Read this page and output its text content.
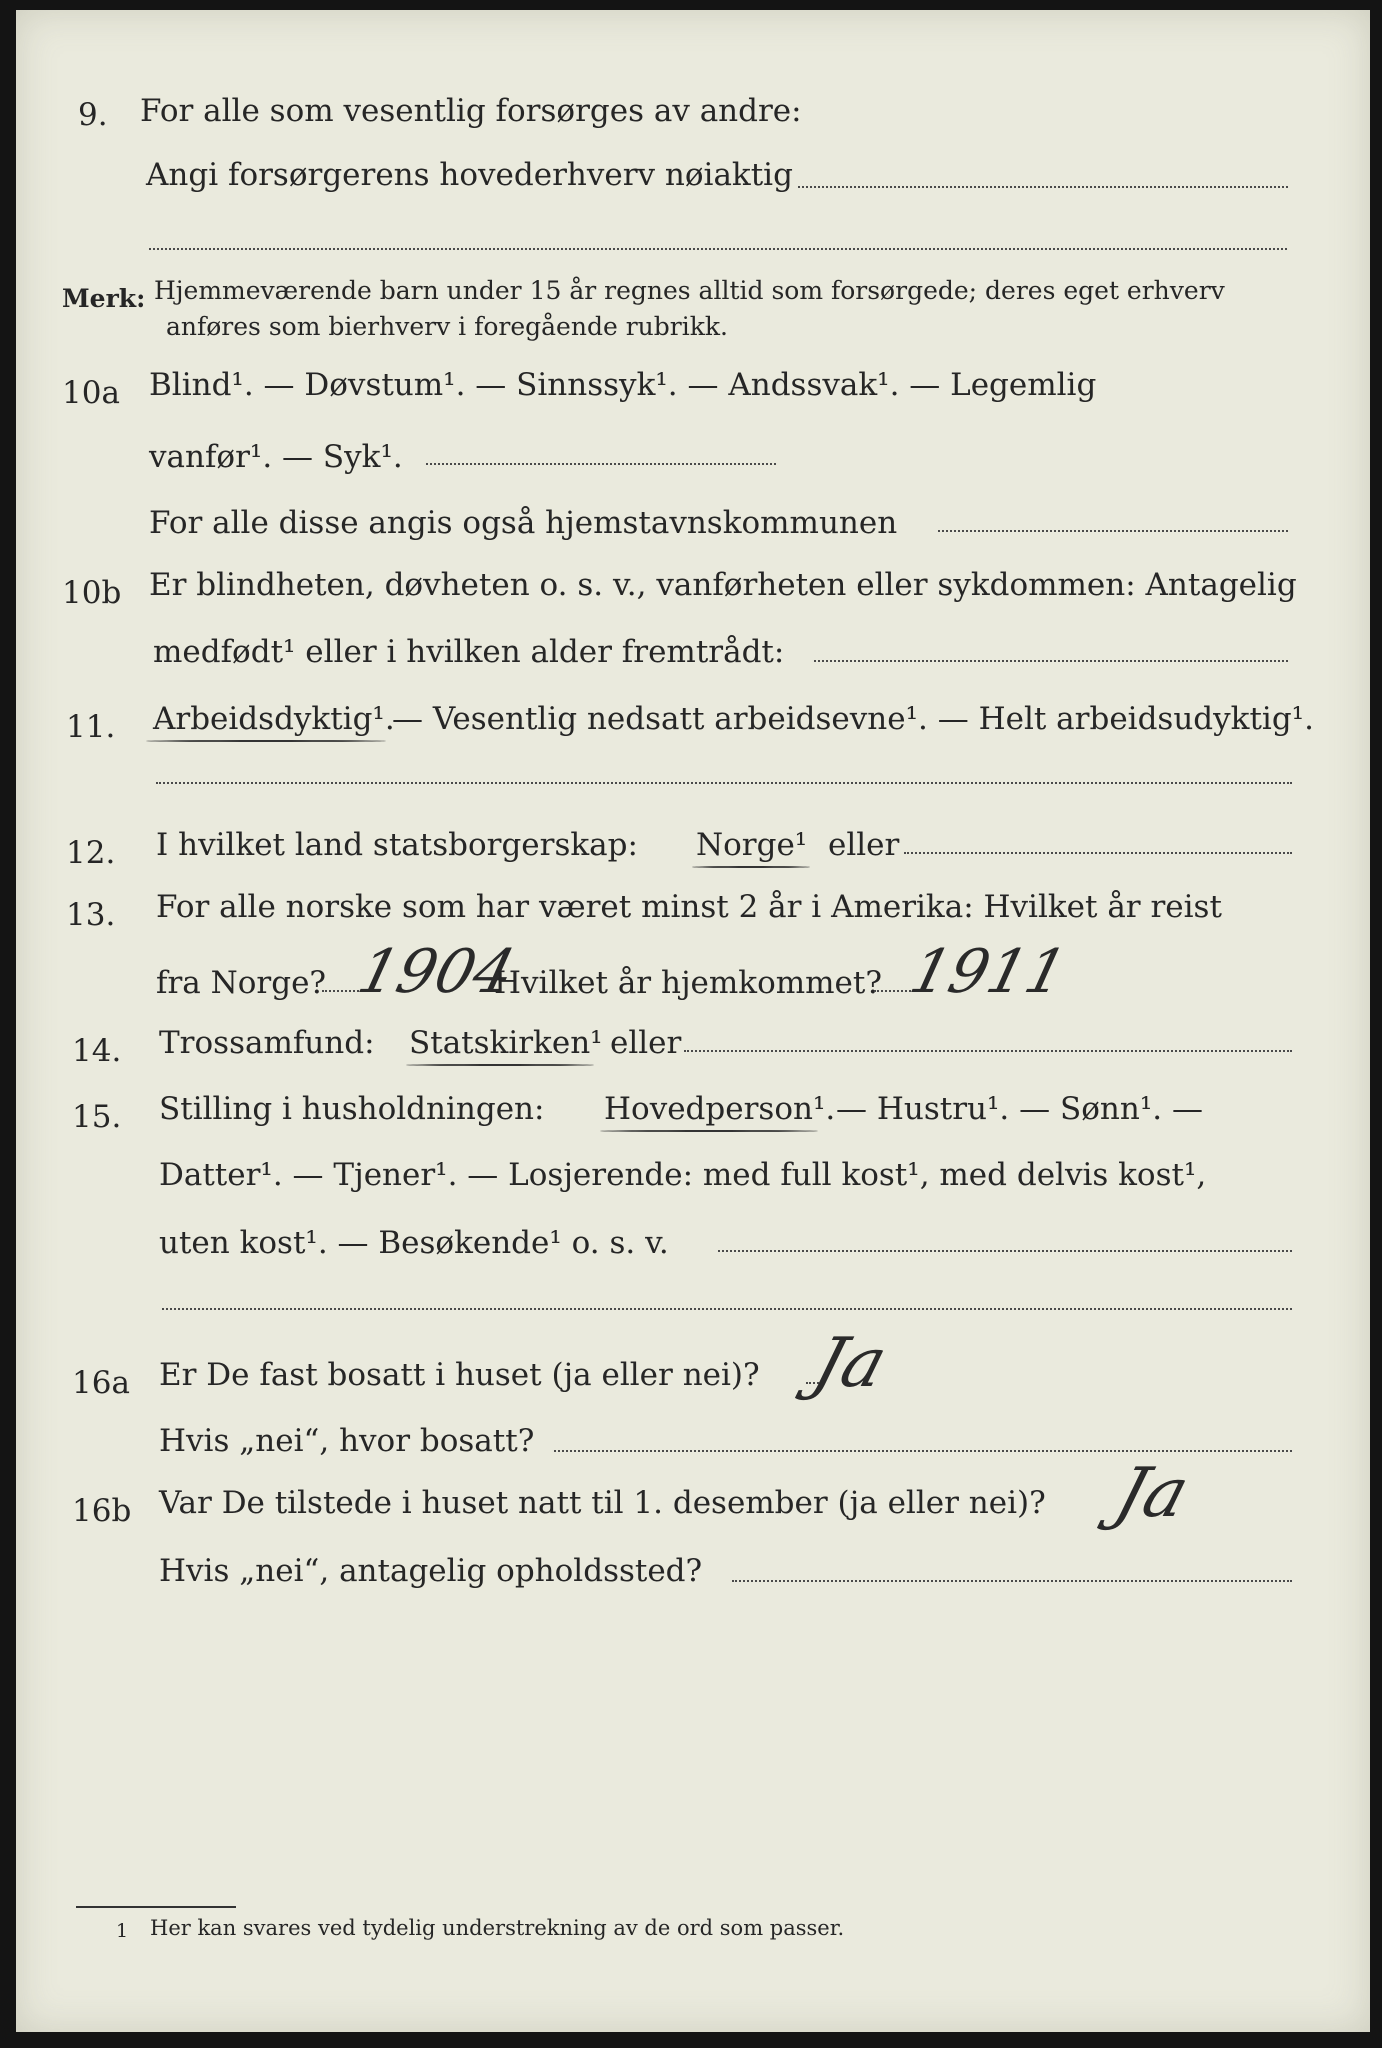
9. For alle som vesentlig forsørges av andre:
Angi forsørgerens hovederhverv nøiaktig
Merk: Hjemmeværende barn under 15 år regnes alltid som forsørgede; deres eget erhverv
anføres som bierhverv i foregående rubrikk.
10a Blind¹. — Døvstum¹. — Sinnssyk¹. — Andssvak¹. — Legemlig
vanfør¹. — Syk¹.
For alle disse angis også hjemstavnskommunen
10b Er blindheten, døvheten o. s. v., vanførheten eller sykdommen: Antagelig
medfødt¹ eller i hvilken alder fremtrådt:
11. Arbeidsdyktig¹.
— Vesentlig nedsatt arbeidsevne¹. — Helt arbeidsudyktig¹.
12. I hvilket land statsborgerskap: Norge¹ eller
13. For alle norske som har været minst 2 år i Amerika: Hvilket år reist
fra Norge? 1904
Hvilket år hjemkommet? 1911
14. Trossamfund: Statskirken¹ eller
15. Stilling i husholdningen: Hovedperson¹. — Hustru¹. — Sønn¹. —
Datter¹. — Tjener¹. — Losjerende: med full kost¹, med delvis kost¹,
uten kost¹. — Besøkende¹ o. s. v.
16a Er De fast bosatt i huset (ja eller nei)? Ja
Hvis „nei“, hvor bosatt?
16b Var De tilstede i huset natt til 1. desember (ja eller nei)? Ja
Hvis „nei“, antagelig opholdssted?
1 Her kan svares ved tydelig understrekning av de ord som passer.
